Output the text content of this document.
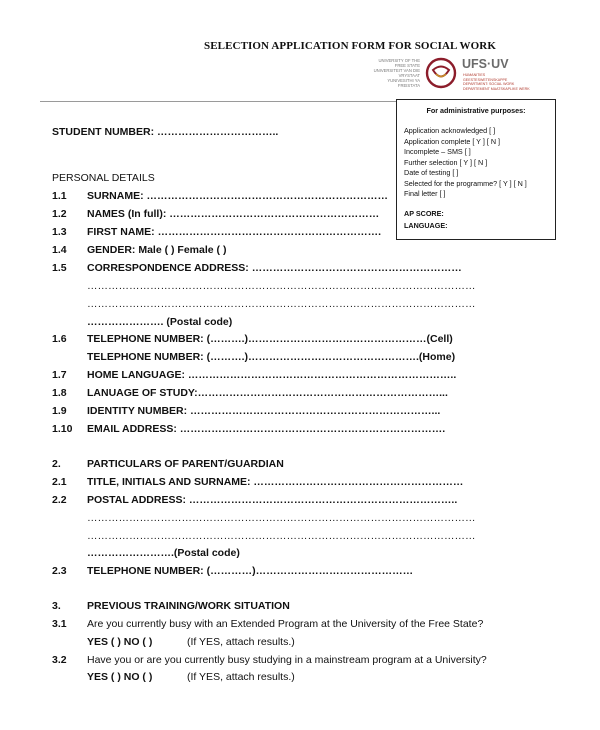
SELECTION APPLICATION FORM FOR SOCIAL WORK
UNIVERSITY OF THE
FREE STATE
UNIVERSITEIT VAN DIE
VRYSTAAT
YUNIVESITHI YA
FREISTATA
UFS·UV
HUMANITIES
GEESTESWETENSKAPPE
DEPARTMENT: SOCIAL WORK
DEPARTEMENT MAATSKAPLIKE WERK
For administrative purposes:
Application acknowledged [ ]
Application complete [ Y ] [ N ]
Incomplete – SMS [ ]
Further selection [ Y ] [ N ]
Date of testing [ ]
Selected for the programme? [ Y ] [ N ]
Final letter [ ]
AP SCORE:
LANGUAGE:
STUDENT NUMBER: ……………………………..
PERSONAL DETAILS
1.1 SURNAME: ……………………………………………………………
1.2 NAMES (In full): ……………………………………………………
1.3 FIRST NAME: ……………………………………………………….
1.4 GENDER: Male ( ) Female ( )
1.5 CORRESPONDENCE ADDRESS: ……………………………………………………
…………………………………………………………………………………………………
…………………………………………………………………………………………………
…………………. (Postal code)
1.6 TELEPHONE NUMBER: (……….)……………………………………………(Cell)
TELEPHONE NUMBER: (……….)………………………………………….(Home)
1.7 HOME LANGUAGE: …………………………………………………………………..
1.8 LANUAGE OF STUDY:……………………………………………………………...
1.9 IDENTITY NUMBER: ……………………………………………………………...
1.10 EMAIL ADDRESS: ………………………………………………………………….
2. PARTICULARS OF PARENT/GUARDIAN
2.1 TITLE, INITIALS AND SURNAME: ……………………………………………………
2.2 POSTAL ADDRESS: …………………………………………………………………..
…………………………………………………………………………………………………
…………………………………………………………………………………………………
…………………….(Postal code)
2.3 TELEPHONE NUMBER: (…………)………………………………………
3. PREVIOUS TRAINING/WORK SITUATION
3.1 Are you currently busy with an Extended Program at the University of the Free State?
YES ( ) NO ( )	(If YES, attach results.)
3.2 Have you or are you currently busy studying in a mainstream program at a University?
YES ( ) NO ( )	(If YES, attach results.)
